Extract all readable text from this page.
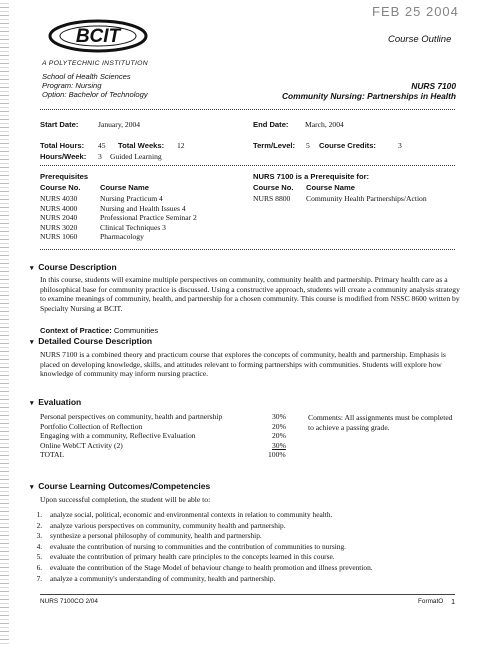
FEB 25 2004
Course Outline
BCIT
A POLYTECHNIC INSTITUTION
School of Health Sciences
Program: Nursing
Option: Bachelor of Technology
NURS 7100
Community Nursing: Partnerships in Health
Start Date:	January, 2004	End Date: March, 2004
Total Hours: 45 Total Weeks: 12	Term/Level: 5 Course Credits:	3
Hours/Week: 3 Guided Learning
Prerequisites
Course No.	Course Name
NURS 4030	Nursing Practicum 4
NURS 4000	Nursing and Health Issues 4
NURS 2040	Professional Practice Seminar 2
NURS 3020	Clinical Techniques 3
NURS 1060	Pharmacology
NURS 7100 is a Prerequisite for:
Course No. Course Name
NURS 8800 Community Health Partnerships/Action
▾ Course Description
In this course, students will examine multiple perspectives on community, community health and partnership. Primary health care as a philosophical base for community practice is discussed. Using a constructive approach, students will create a community analysis strategy to examine meanings of community, health, and partnership for a chosen community. This course is modified from NSSC 8600 written by Specialty Nursing at BCIT.
Context of Practice: Communities
▾ Detailed Course Description
NURS 7100 is a combined theory and practicum course that explores the concepts of community, health and partnership. Emphasis is placed on developing knowledge, skills, and attitudes relevant to forming partnerships with communities. Students will explore how knowledge of community may inform nursing practice.
▾ Evaluation
Personal perspectives on community, health and partnership	30%
Portfolio Collection of Reflection	20%
Engaging with a community, Reflective Evaluation	20%
Online WebCT Activity (2)	30%
TOTAL	100%
Comments: All assignments must be completed to achieve a passing grade.
▾ Course Learning Outcomes/Competencies
Upon successful completion, the student will be able to:
1. analyze social, political, economic and environmental contexts in relation to community health.
2. analyze various perspectives on community, community health and partnership.
3. synthesize a personal philosophy of community, health and partnership.
4. evaluate the contribution of nursing to communities and the contribution of communities to nursing.
5. evaluate the contribution of primary health care principles to the concepts learned in this course.
6. evaluate the contribution of the Stage Model of behaviour change to health promotion and illness prevention.
7. analyze a community's understanding of community, health and partnership.
NURS 7100CO 2/04	FormatO 1
